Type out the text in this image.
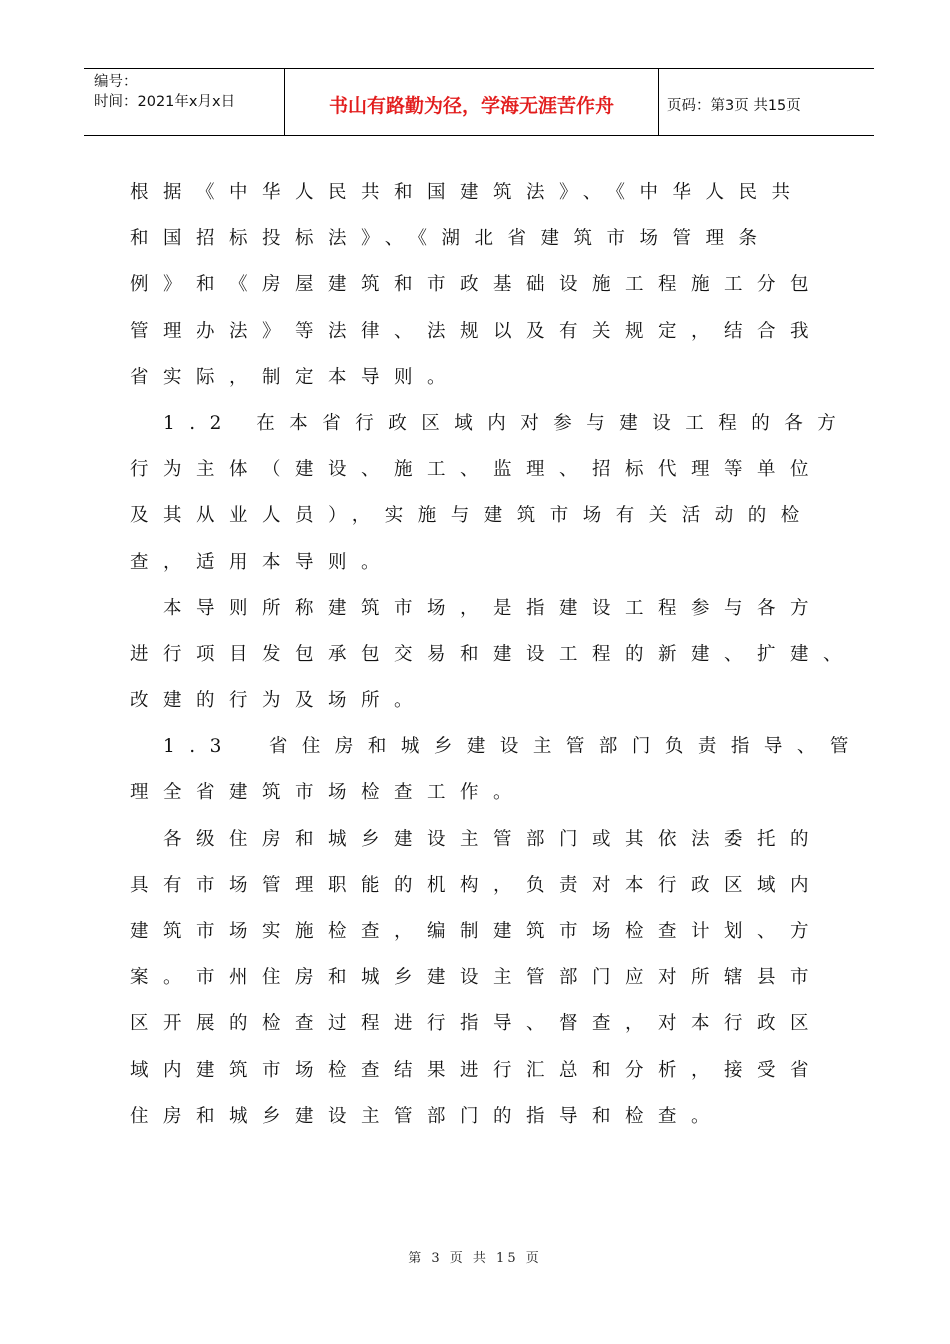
编号：
时间：2021年x月x日	书山有路勤为径，学海无涯苦作舟	页码：第3页 共15页
根据《中华人民共和国建筑法》、《中华人民共
和国招标投标法》、《湖北省建筑市场管理条
例》和《房屋建筑和市政基础设施工程施工分包
管理办法》等法律、法规以及有关规定，结合我
省实际，制定本导则。
　1.2 在本省行政区域内对参与建设工程的各方
行为主体（建设、施工、监理、招标代理等单位
及其从业人员），实施与建筑市场有关活动的检
查，适用本导则。
　本导则所称建筑市场，是指建设工程参与各方
进行项目发包承包交易和建设工程的新建、扩建、
改建的行为及场所。
　1.3　省住房和城乡建设主管部门负责指导、管
理全省建筑市场检查工作。
　各级住房和城乡建设主管部门或其依法委托的
具有市场管理职能的机构，负责对本行政区域内
建筑市场实施检查，编制建筑市场检查计划、方
案。市州住房和城乡建设主管部门应对所辖县市
区开展的检查过程进行指导、督查，对本行政区
域内建筑市场检查结果进行汇总和分析，接受省
住房和城乡建设主管部门的指导和检查。
第 3 页 共 15 页
